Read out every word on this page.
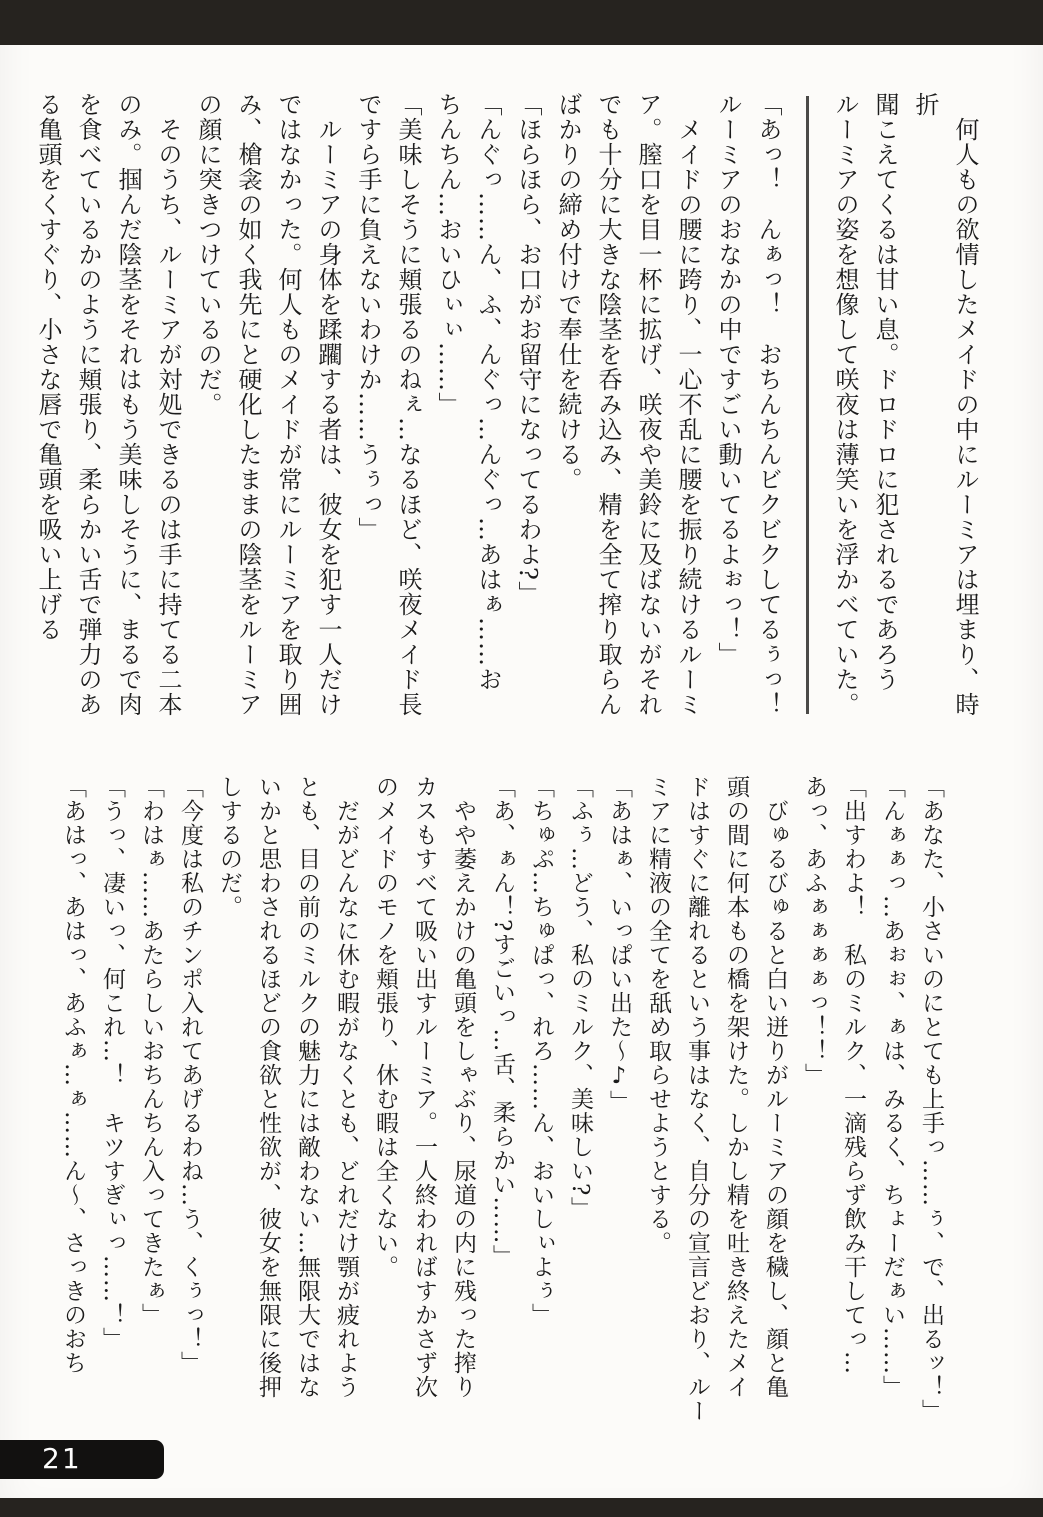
　何人もの欲情したメイドの中にルーミアは埋まり、時折

聞こえてくるは甘い息。ドロドロに犯されるであろう

ルーミアの姿を想像して咲夜は薄笑いを浮かべていた。

「あっ！　んぁっ！　おちんちんビクビクしてるぅっ！

ルーミアのおなかの中ですごい動いてるよぉっ！」

　メイドの腰に跨り、一心不乱に腰を振り続けるルーミ

ア。膣口を目一杯に拡げ、咲夜や美鈴に及ばないがそれ

でも十分に大きな陰茎を呑み込み、精を全て搾り取らん

ばかりの締め付けで奉仕を続ける。

「ほらほら、お口がお留守になってるわよ?」

「んぐっ……ん、ふ、んぐっ…んぐっ…あはぁ……お

ちんちん…おいひぃぃ……」

「美味しそうに頬張るのねぇ…なるほど、咲夜メイド長

ですら手に負えないわけか……うぅっ」

　ルーミアの身体を蹂躙する者は、彼女を犯す一人だけ

ではなかった。何人ものメイドが常にルーミアを取り囲

み、槍衾の如く我先にと硬化したままの陰茎をルーミア

の顔に突きつけているのだ。

　そのうち、ルーミアが対処できるのは手に持てる二本

のみ。掴んだ陰茎をそれはもう美味しそうに、まるで肉

を食べているかのように頬張り、柔らかい舌で弾力のあ

る亀頭をくすぐり、小さな唇で亀頭を吸い上げる

「あなた、小さいのにとても上手っ……ぅ、で、出るッ！」

「んぁぁっ…あぉぉ、ぁは、みるく、ちょーだぁい……」

「出すわよ！　私のミルク、一滴残らず飲み干してっ…

あっ、あふぁぁぁぁっ！！」

　びゅるびゅると白い迸りがルーミアの顔を穢し、顔と亀

頭の間に何本もの橋を架けた。しかし精を吐き終えたメイ

ドはすぐに離れるという事はなく、自分の宣言どおり、ルー

ミアに精液の全てを舐め取らせようとする。

「あはぁ、いっぱい出た～♪」

「ふぅ…どう、私のミルク、美味しい?」

「ちゅぷ…ちゅぱっ、れろ……ん、おいしぃよぅ」

「あ、ぁん！?すごいっ…舌、柔らかい……」

　やや萎えかけの亀頭をしゃぶり、尿道の内に残った搾り

カスもすべて吸い出すルーミア。一人終わればすかさず次

のメイドのモノを頬張り、休む暇は全くない。

　だがどんなに休む暇がなくとも、どれだけ顎が疲れよう

とも、目の前のミルクの魅力には敵わない…無限大ではな

いかと思わされるほどの食欲と性欲が、彼女を無限に後押

しするのだ。

「今度は私のチンポ入れてあげるわね…う、くぅっ！」

「わはぁ……あたらしいおちんちん入ってきたぁ」

「うっ、凄いっ、何これ…！　キツすぎぃっ……！」

「あはっ、あはっ、あふぁ…ぁ……ん～、さっきのおち

21
